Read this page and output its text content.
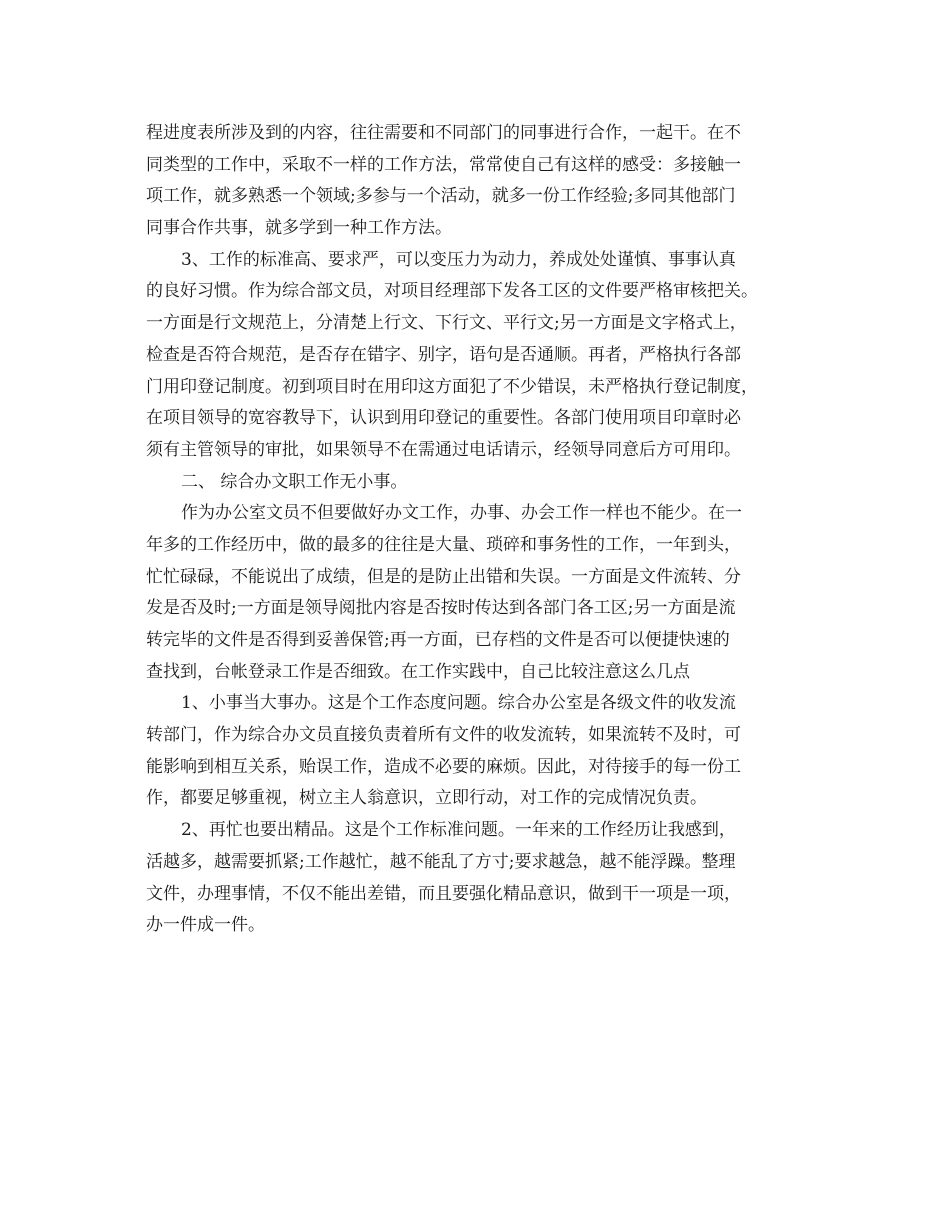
程进度表所涉及到的内容，往往需要和不同部门的同事进行合作，一起干。在不
同类型的工作中，采取不一样的工作方法，常常使自己有这样的感受：多接触一
项工作，就多熟悉一个领域;多参与一个活动，就多一份工作经验;多同其他部门
同事合作共事，就多学到一种工作方法。
3、工作的标准高、要求严，可以变压力为动力，养成处处谨慎、事事认真
的良好习惯。作为综合部文员，对项目经理部下发各工区的文件要严格审核把关。
一方面是行文规范上，分清楚上行文、下行文、平行文;另一方面是文字格式上，
检查是否符合规范，是否存在错字、别字，语句是否通顺。再者，严格执行各部
门用印登记制度。初到项目时在用印这方面犯了不少错误，未严格执行登记制度，
在项目领导的宽容教导下，认识到用印登记的重要性。各部门使用项目印章时必
须有主管领导的审批，如果领导不在需通过电话请示，经领导同意后方可用印。
二、 综合办文职工作无小事。
作为办公室文员不但要做好办文工作，办事、办会工作一样也不能少。在一
年多的工作经历中，做的最多的往往是大量、琐碎和事务性的工作，一年到头，
忙忙碌碌，不能说出了成绩，但是的是防止出错和失误。一方面是文件流转、分
发是否及时;一方面是领导阅批内容是否按时传达到各部门各工区;另一方面是流
转完毕的文件是否得到妥善保管;再一方面，已存档的文件是否可以便捷快速的
查找到，台帐登录工作是否细致。在工作实践中，自己比较注意这么几点
1、小事当大事办。这是个工作态度问题。综合办公室是各级文件的收发流
转部门，作为综合办文员直接负责着所有文件的收发流转，如果流转不及时，可
能影响到相互关系，贻误工作，造成不必要的麻烦。因此，对待接手的每一份工
作，都要足够重视，树立主人翁意识，立即行动，对工作的完成情况负责。
2、再忙也要出精品。这是个工作标准问题。一年来的工作经历让我感到，
活越多，越需要抓紧;工作越忙，越不能乱了方寸;要求越急，越不能浮躁。整理
文件，办理事情，不仅不能出差错，而且要强化精品意识，做到干一项是一项，
办一件成一件。
